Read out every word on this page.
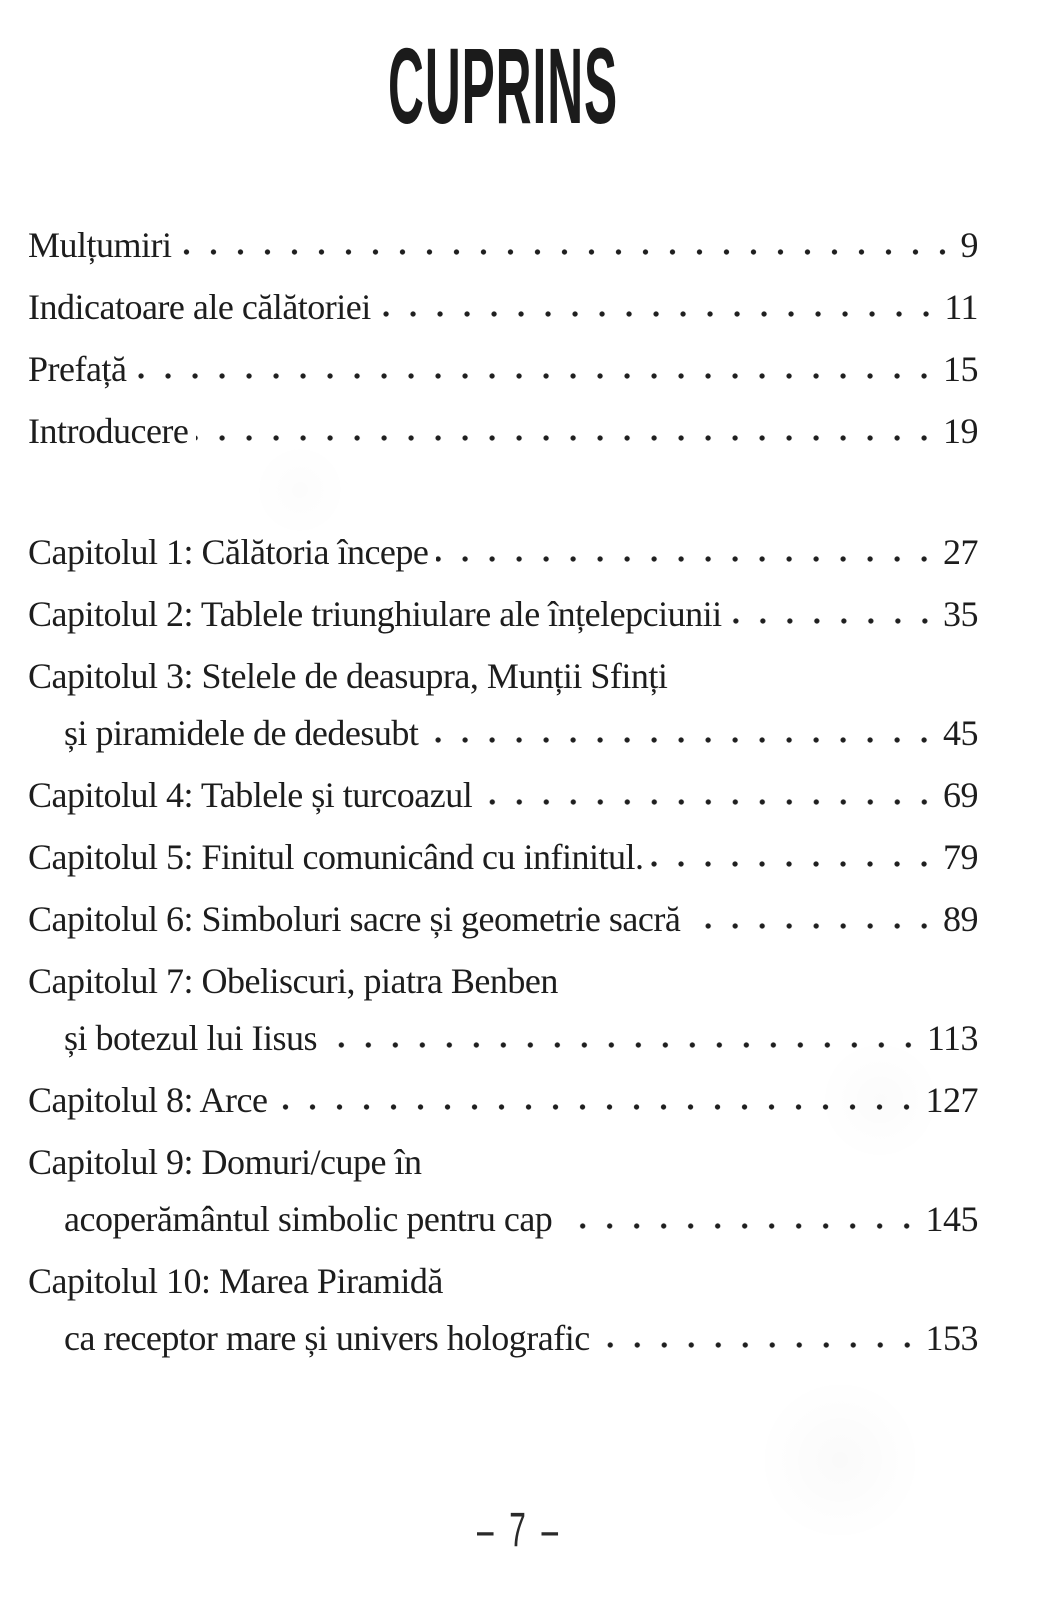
CUPRINS
Mulțumiri	9
Indicatoare ale călătoriei	11
Prefață	15
Introducere	19
Capitolul 1: Călătoria începe	27
Capitolul 2: Tablele triunghiulare ale înțelepciunii	35
Capitolul 3: Stelele de deasupra, Munții Sfinți
și piramidele de dedesubt	45
Capitolul 4: Tablele și turcoazul	69
Capitolul 5: Finitul comunicând cu infinitul.	79
Capitolul 6: Simboluri sacre și geometrie sacră	89
Capitolul 7: Obeliscuri, piatra Benben
și botezul lui Iisus	113
Capitolul 8: Arce	127
Capitolul 9: Domuri/cupe în
acoperământul simbolic pentru cap	145
Capitolul 10: Marea Piramidă
ca receptor mare și univers holografic	153
– 7 –
